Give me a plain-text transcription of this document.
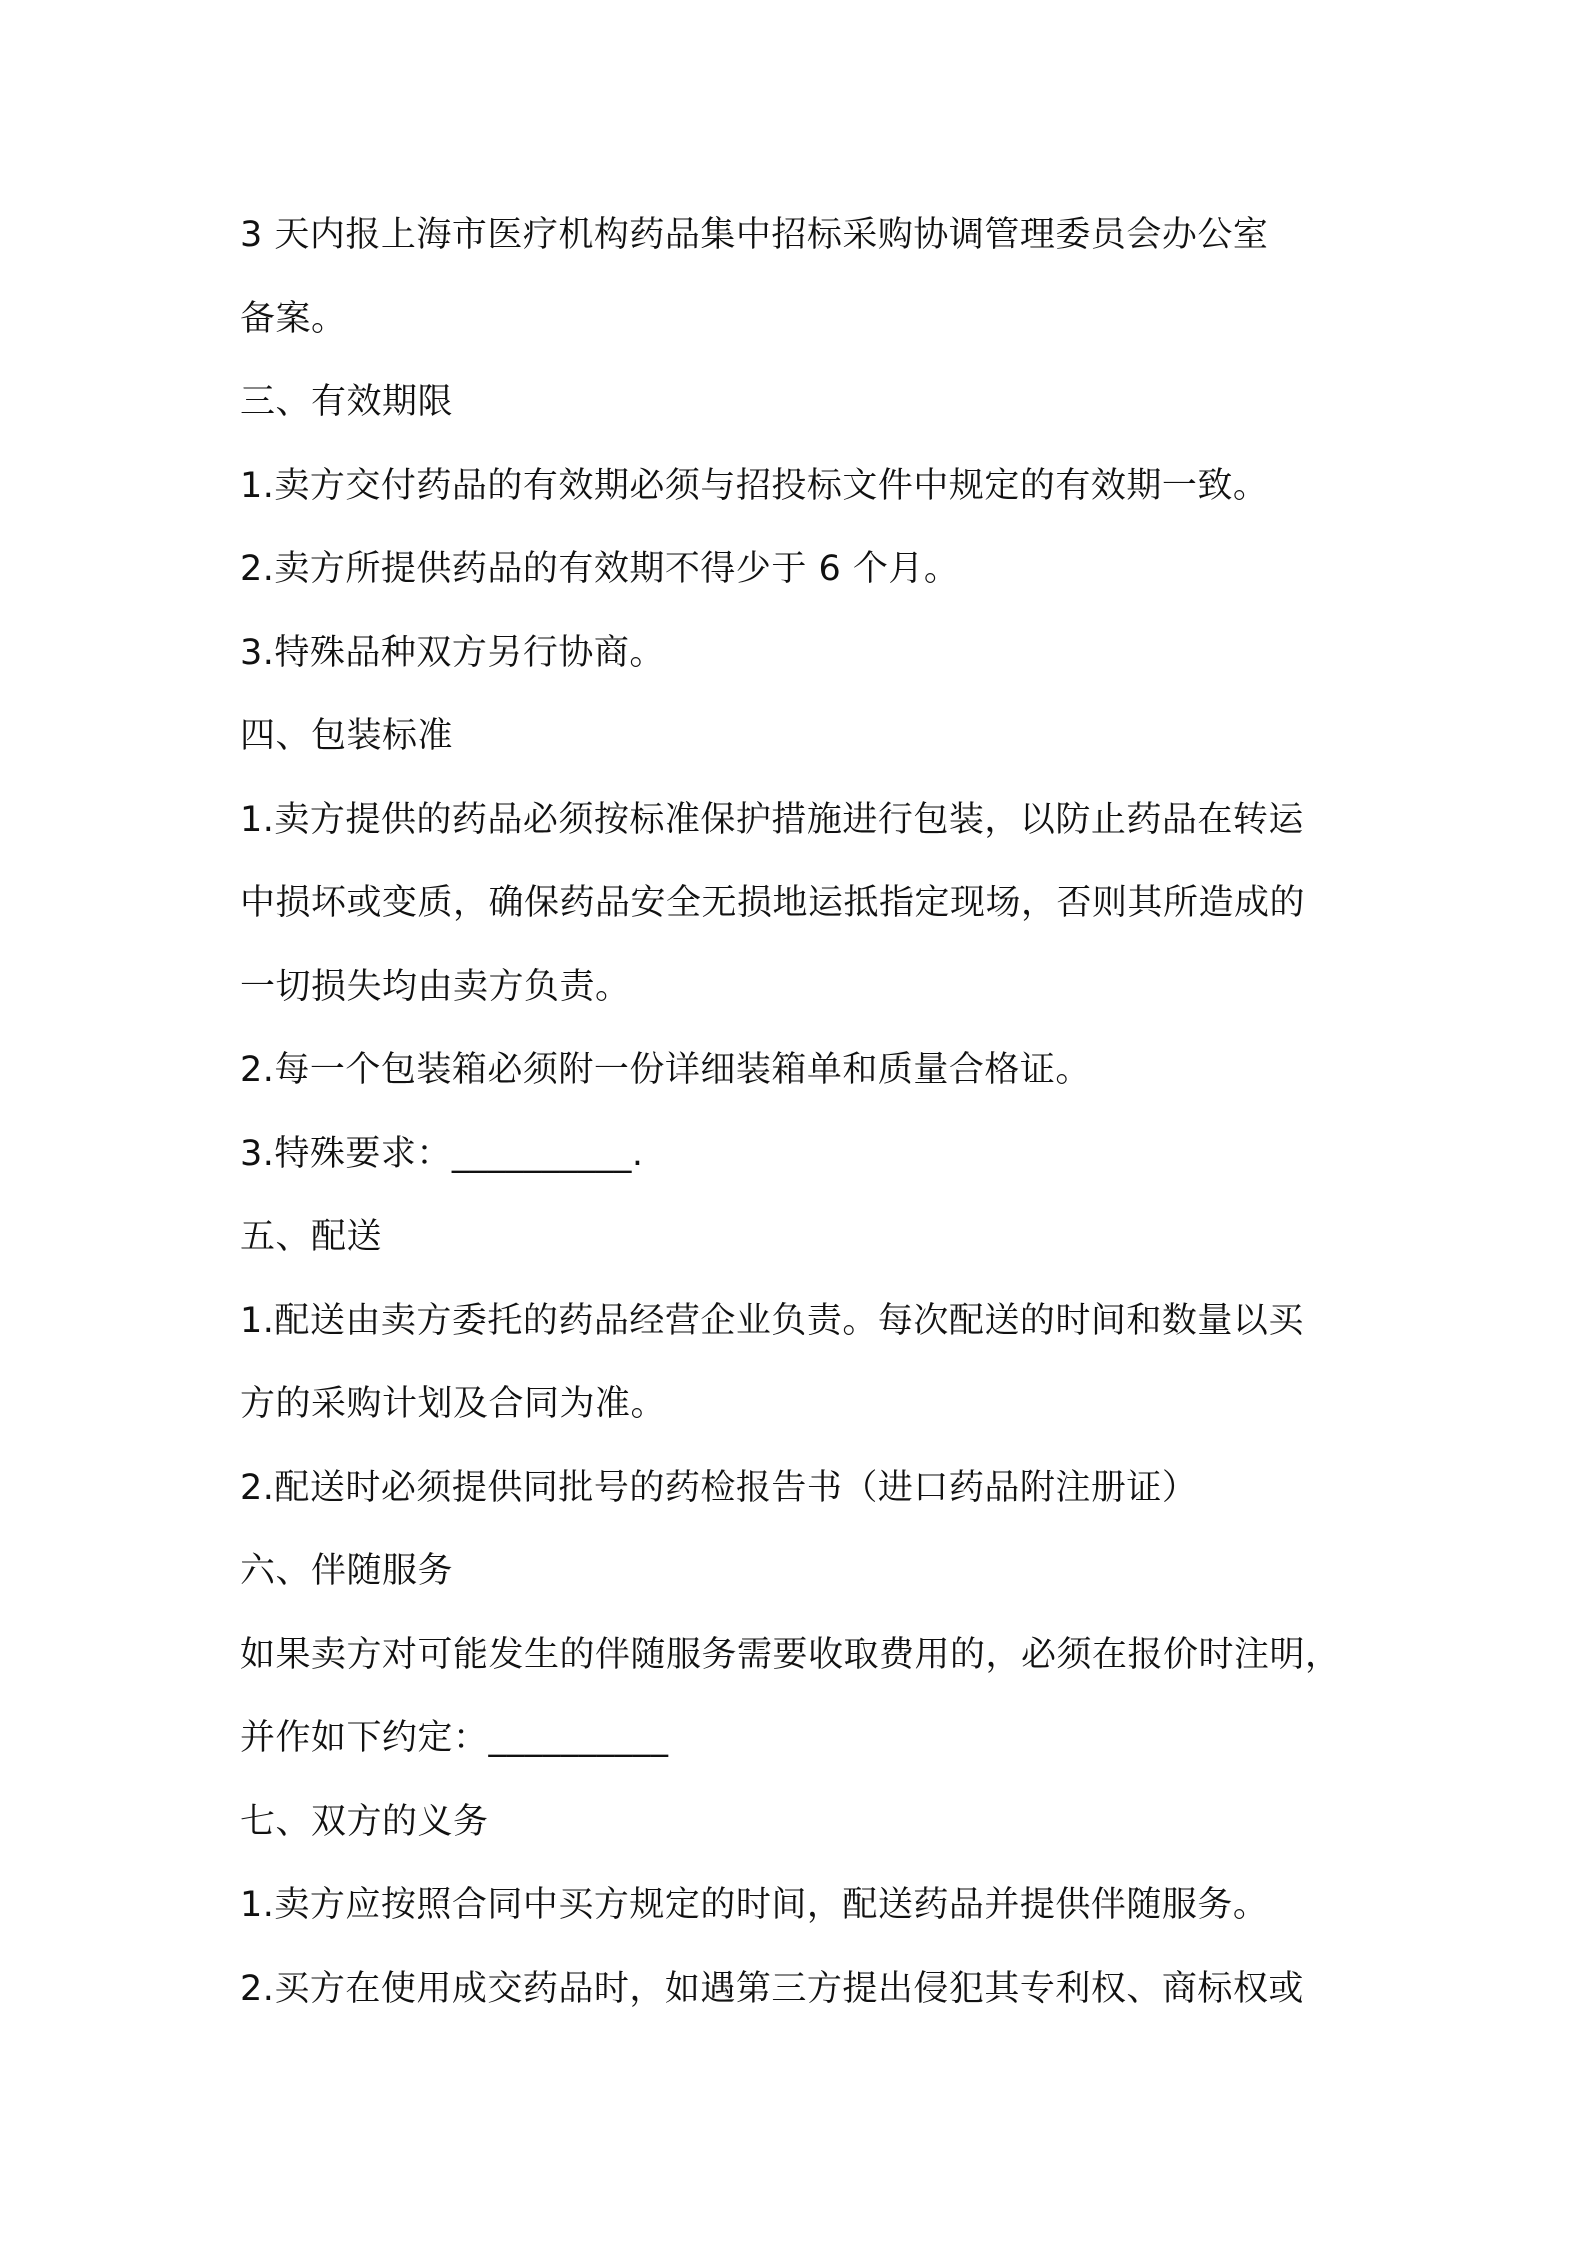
3 天内报上海市医疗机构药品集中招标采购协调管理委员会办公室
备案。
三、有效期限
1.卖方交付药品的有效期必须与招投标文件中规定的有效期一致。
2.卖方所提供药品的有效期不得少于 6 个月。
3.特殊品种双方另行协商。
四、包装标准
1.卖方提供的药品必须按标准保护措施进行包装，以防止药品在转运
中损坏或变质，确保药品安全无损地运抵指定现场，否则其所造成的
一切损失均由卖方负责。
2.每一个包装箱必须附一份详细装箱单和质量合格证。
3.特殊要求：__________.
五、配送
1.配送由卖方委托的药品经营企业负责。每次配送的时间和数量以买
方的采购计划及合同为准。
2.配送时必须提供同批号的药检报告书（进口药品附注册证）
六、伴随服务
如果卖方对可能发生的伴随服务需要收取费用的，必须在报价时注明，
并作如下约定：__________
七、双方的义务
1.卖方应按照合同中买方规定的时间，配送药品并提供伴随服务。
2.买方在使用成交药品时，如遇第三方提出侵犯其专利权、商标权或
